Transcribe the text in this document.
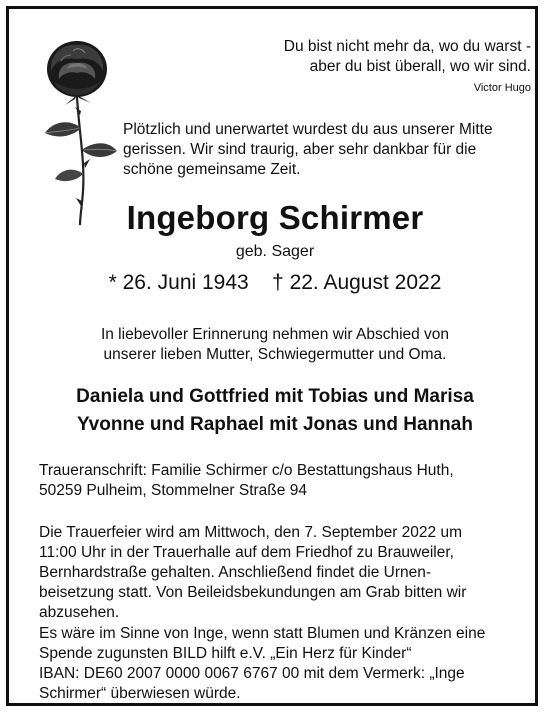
Du bist nicht mehr da, wo du warst -
aber du bist überall, wo wir sind.
Victor Hugo
Plötzlich und unerwartet wurdest du aus unserer Mitte
gerissen. Wir sind traurig, aber sehr dankbar für die
schöne gemeinsame Zeit.
Ingeborg Schirmer
geb. Sager
* 26. Juni 1943    † 22. August 2022
In liebevoller Erinnerung nehmen wir Abschied von
unserer lieben Mutter, Schwiegermutter und Oma.
Daniela und Gottfried mit Tobias und Marisa
Yvonne und Raphael mit Jonas und Hannah
Traueranschrift: Familie Schirmer c/o Bestattungshaus Huth,
50259 Pulheim, Stommelner Straße 94
Die Trauerfeier wird am Mittwoch, den 7. September 2022 um
11:00 Uhr in der Trauerhalle auf dem Friedhof zu Brauweiler,
Bernhardstraße gehalten. Anschließend findet die Urnen-
beisetzung statt. Von Beileidsbekundungen am Grab bitten wir
abzusehen.
Es wäre im Sinne von Inge, wenn statt Blumen und Kränzen eine
Spende zugunsten BILD hilft e.V. „Ein Herz für Kinder“
IBAN: DE60 2007 0000 0067 6767 00 mit dem Vermerk: „Inge
Schirmer“ überwiesen würde.
